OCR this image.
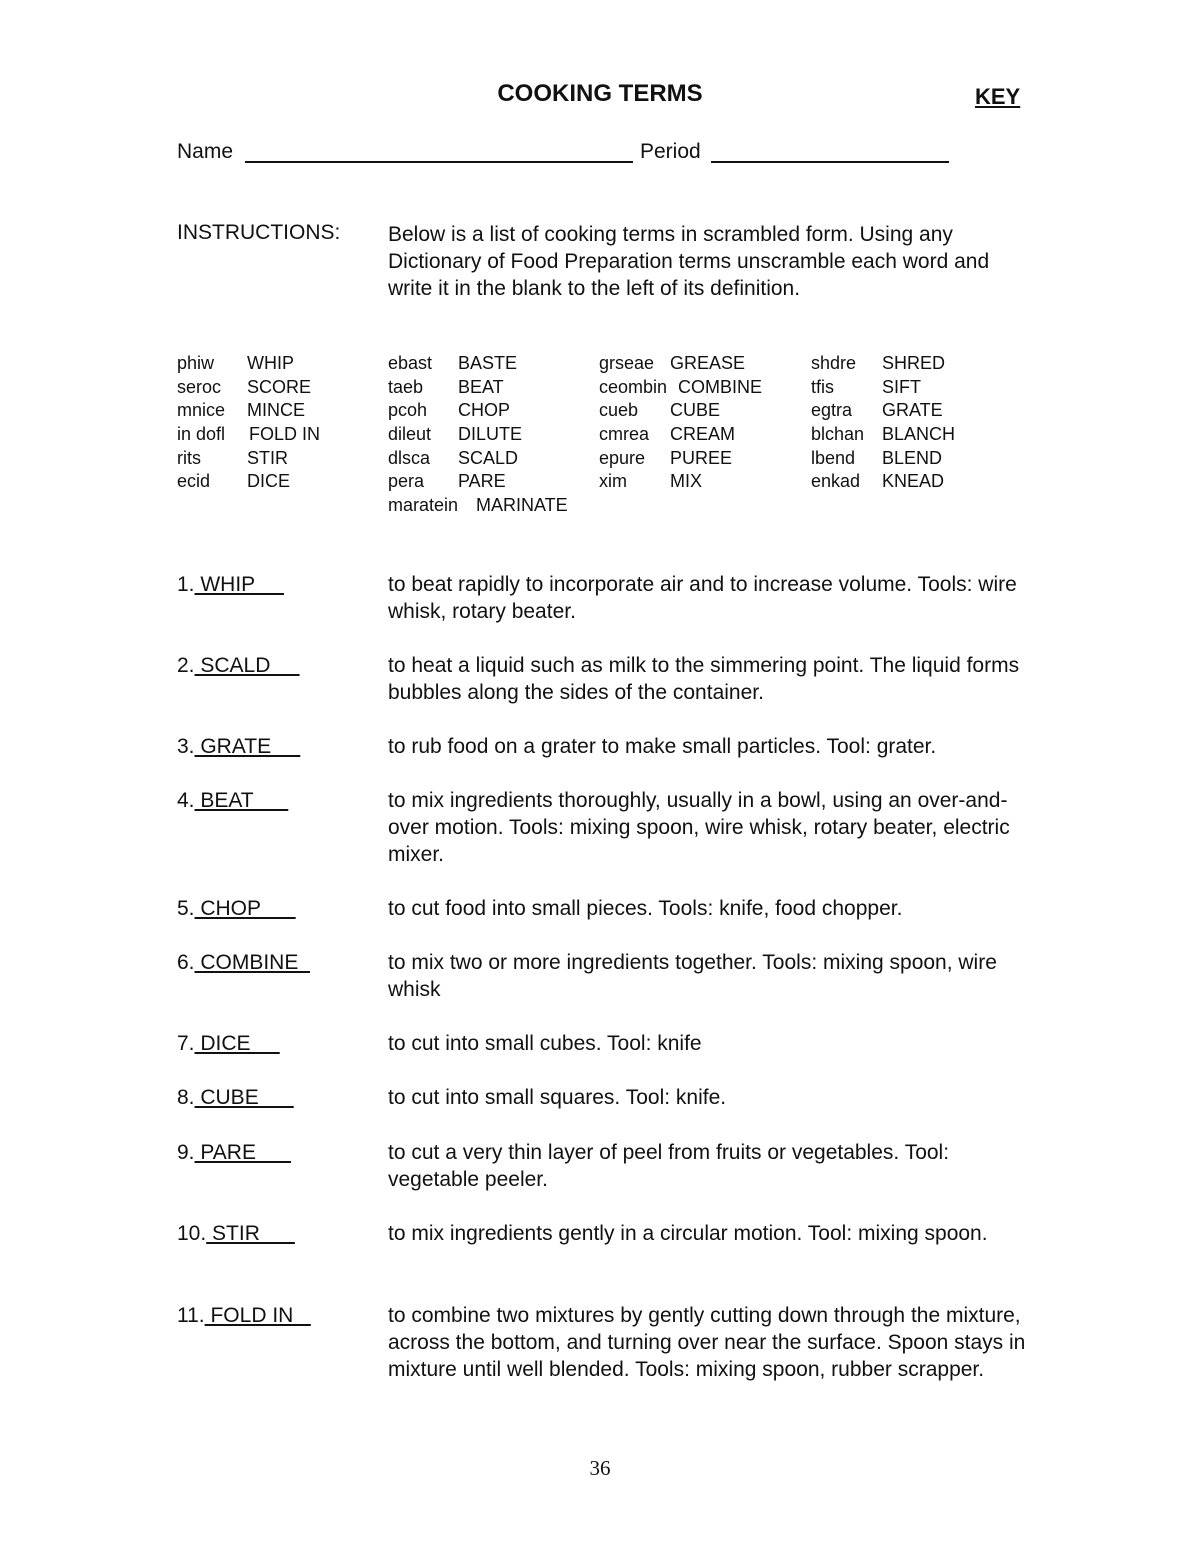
COOKING TERMS	KEY
Name	Period
INSTRUCTIONS: Below is a list of cooking terms in scrambled form. Using any Dictionary of Food Preparation terms unscramble each word and write it in the blank to the left of its definition.
phiw WHIP
seroc SCORE
mnice MINCE
in dofl FOLD IN
rits	STIR
ecid DICE
ebast BASTE
taeb BEAT
pcoh CHOP
dileut DILUTE
dlsca SCALD
pera PARE
maratein MARINATE
grseae GREASE
ceombin COMBINE
cueb CUBE
cmrea CREAM
epure PUREE
xim MIX
shdre SHRED
tfis	SIFT
egtra GRATE
blchan BLANCH
lbend BLEND
enkad KNEAD
1. WHIP	to beat rapidly to incorporate air and to increase volume. Tools: wire whisk, rotary beater.
2. SCALD	to heat a liquid such as milk to the simmering point. The liquid forms bubbles along the sides of the container.
3. GRATE	to rub food on a grater to make small particles. Tool: grater.
4. BEAT	to mix ingredients thoroughly, usually in a bowl, using an over-and-over motion. Tools: mixing spoon, wire whisk, rotary beater, electric mixer.
5. CHOP	to cut food into small pieces. Tools: knife, food chopper.
6. COMBINE	to mix two or more ingredients together. Tools: mixing spoon, wire whisk
7. DICE	to cut into small cubes. Tool: knife
8. CUBE	to cut into small squares. Tool: knife.
9. PARE	to cut a very thin layer of peel from fruits or vegetables. Tool: vegetable peeler.
10. STIR	to mix ingredients gently in a circular motion. Tool: mixing spoon.
11. FOLD IN	to combine two mixtures by gently cutting down through the mixture, across the bottom, and turning over near the surface. Spoon stays in mixture until well blended. Tools: mixing spoon, rubber scrapper.
36
